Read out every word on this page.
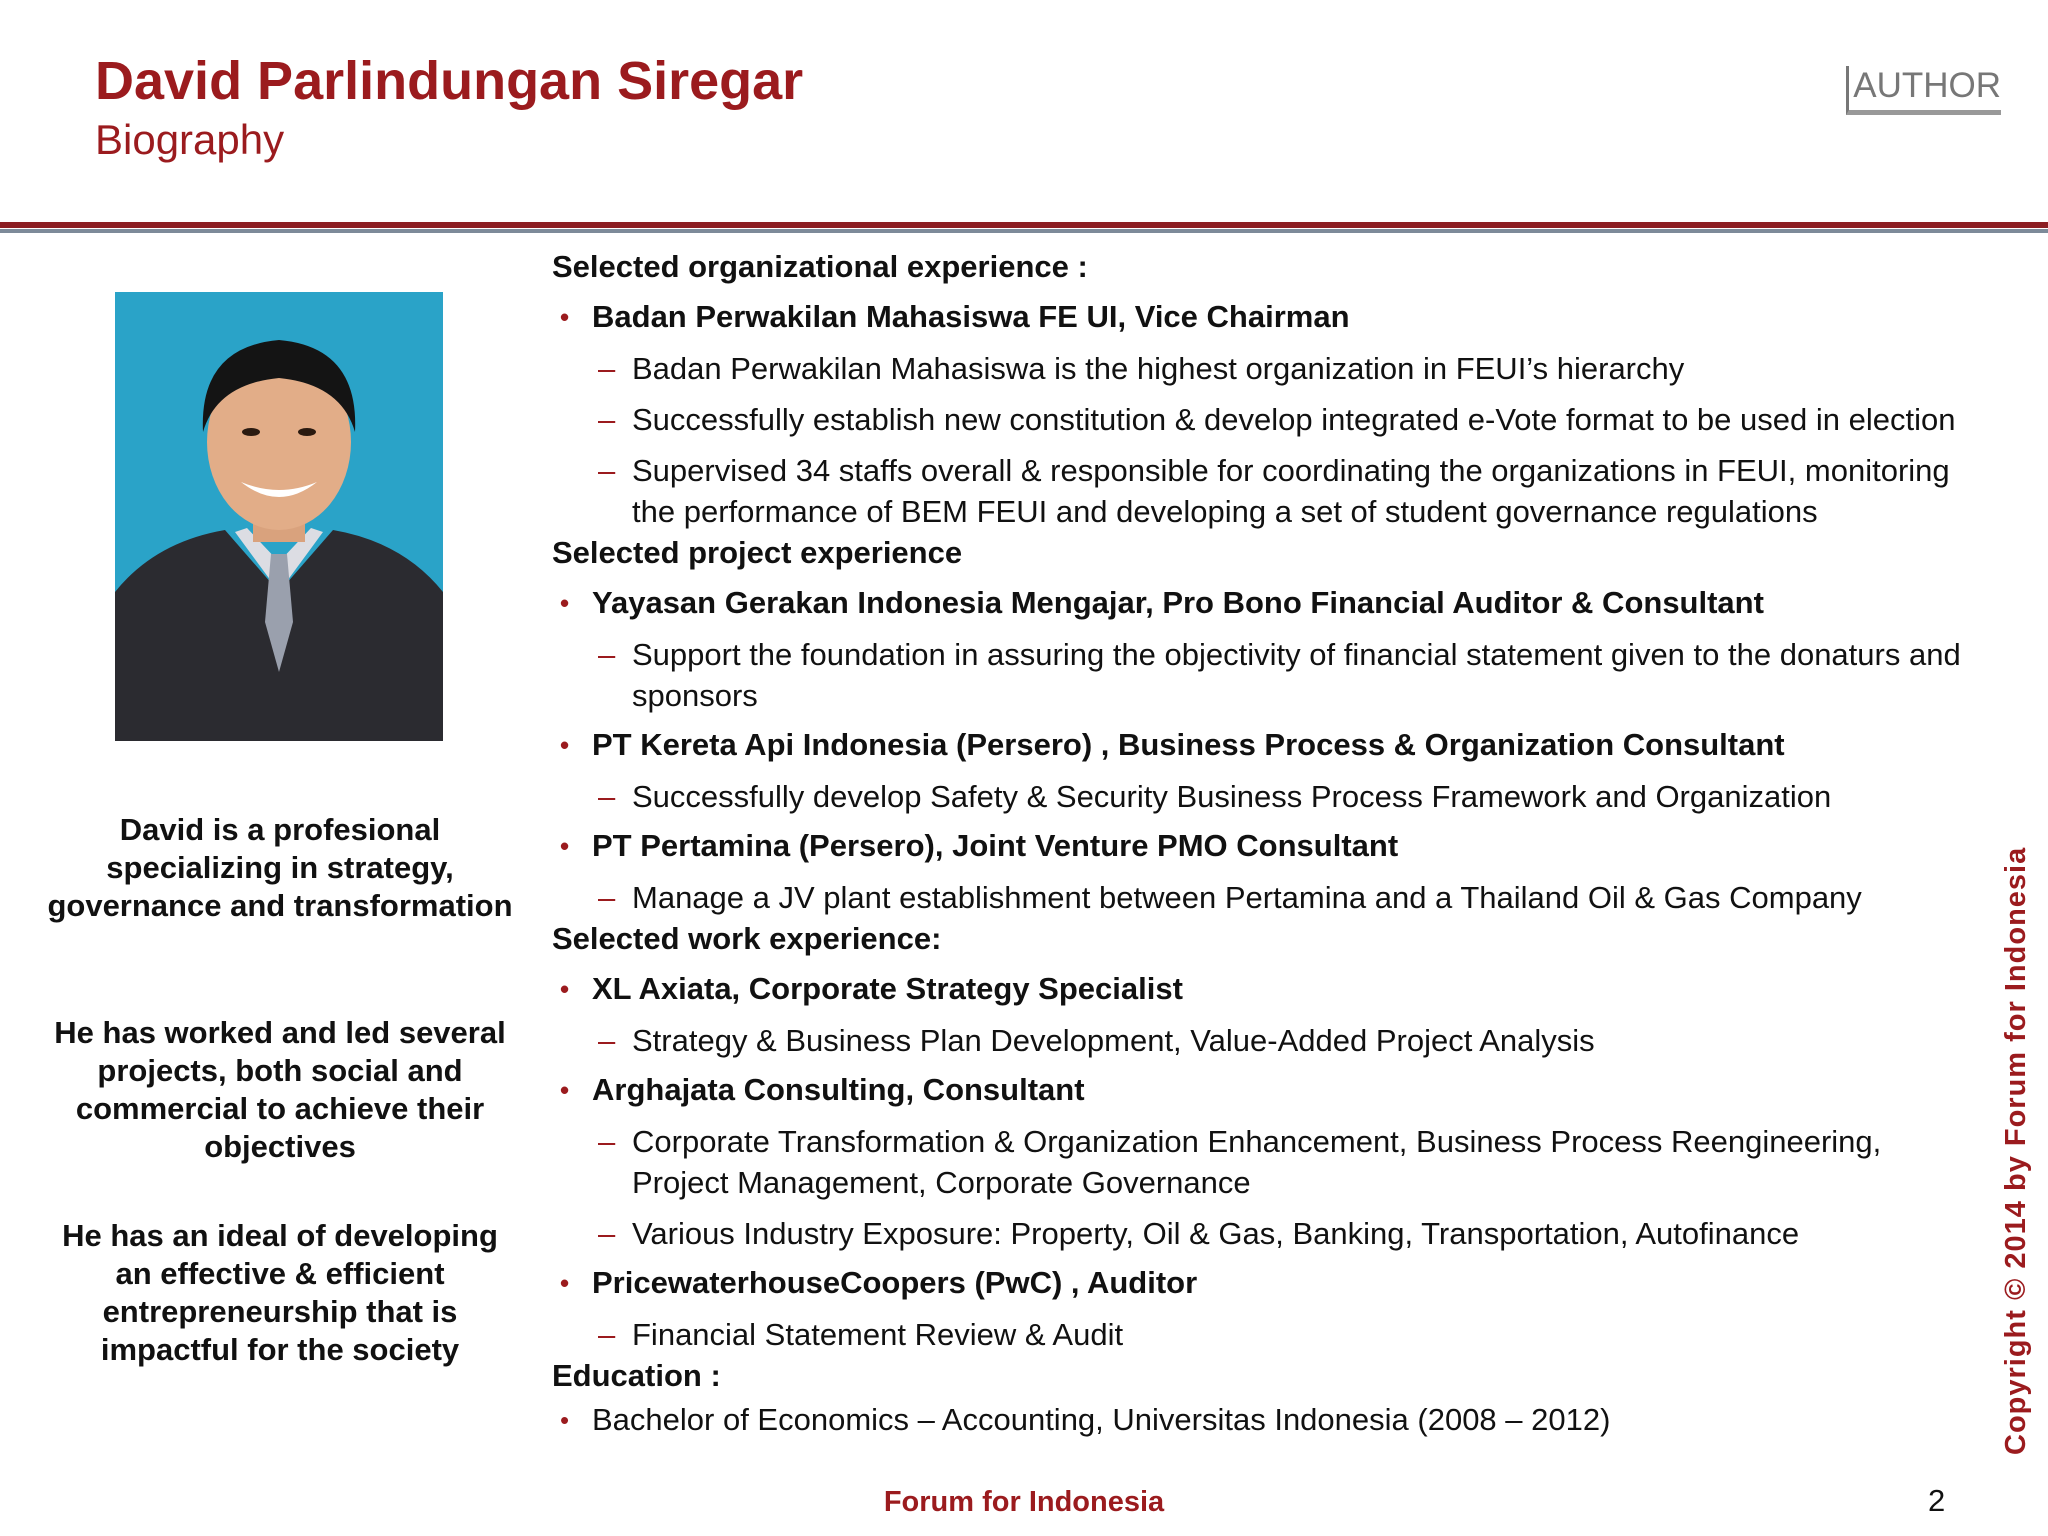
David Parlindungan Siregar
Biography
AUTHOR
David is a profesional specializing in strategy, governance and transformation
He has worked and led several projects, both social and commercial to achieve their objectives
He has an ideal of developing an effective & efficient entrepreneurship that is impactful for the society
Selected organizational experience :
• Badan Perwakilan Mahasiswa FE UI, Vice Chairman
– Badan Perwakilan Mahasiswa is the highest organization in FEUI’s hierarchy
– Successfully establish new constitution & develop integrated e-Vote format to be used in election
– Supervised 34 staffs overall & responsible for coordinating the organizations in FEUI, monitoring the performance of BEM FEUI and developing a set of student governance regulations
Selected project experience
• Yayasan Gerakan Indonesia Mengajar, Pro Bono Financial Auditor & Consultant
– Support the foundation in assuring the objectivity of financial statement given to the donaturs and sponsors
• PT Kereta Api Indonesia (Persero) , Business Process & Organization Consultant
– Successfully develop Safety & Security Business Process Framework and Organization
• PT Pertamina (Persero), Joint Venture PMO Consultant
– Manage a JV plant establishment between Pertamina and a Thailand Oil & Gas Company
Selected work experience:
• XL Axiata, Corporate Strategy Specialist
– Strategy & Business Plan Development, Value-Added Project Analysis
• Arghajata Consulting, Consultant
– Corporate Transformation & Organization Enhancement, Business Process Reengineering, Project Management, Corporate Governance
– Various Industry Exposure: Property, Oil & Gas, Banking, Transportation, Autofinance
• PricewaterhouseCoopers (PwC) , Auditor
– Financial Statement Review & Audit
Education :
• Bachelor of Economics – Accounting, Universitas Indonesia (2008 – 2012)
Forum for Indonesia	2
Copyright © 2014 by Forum for Indonesia
